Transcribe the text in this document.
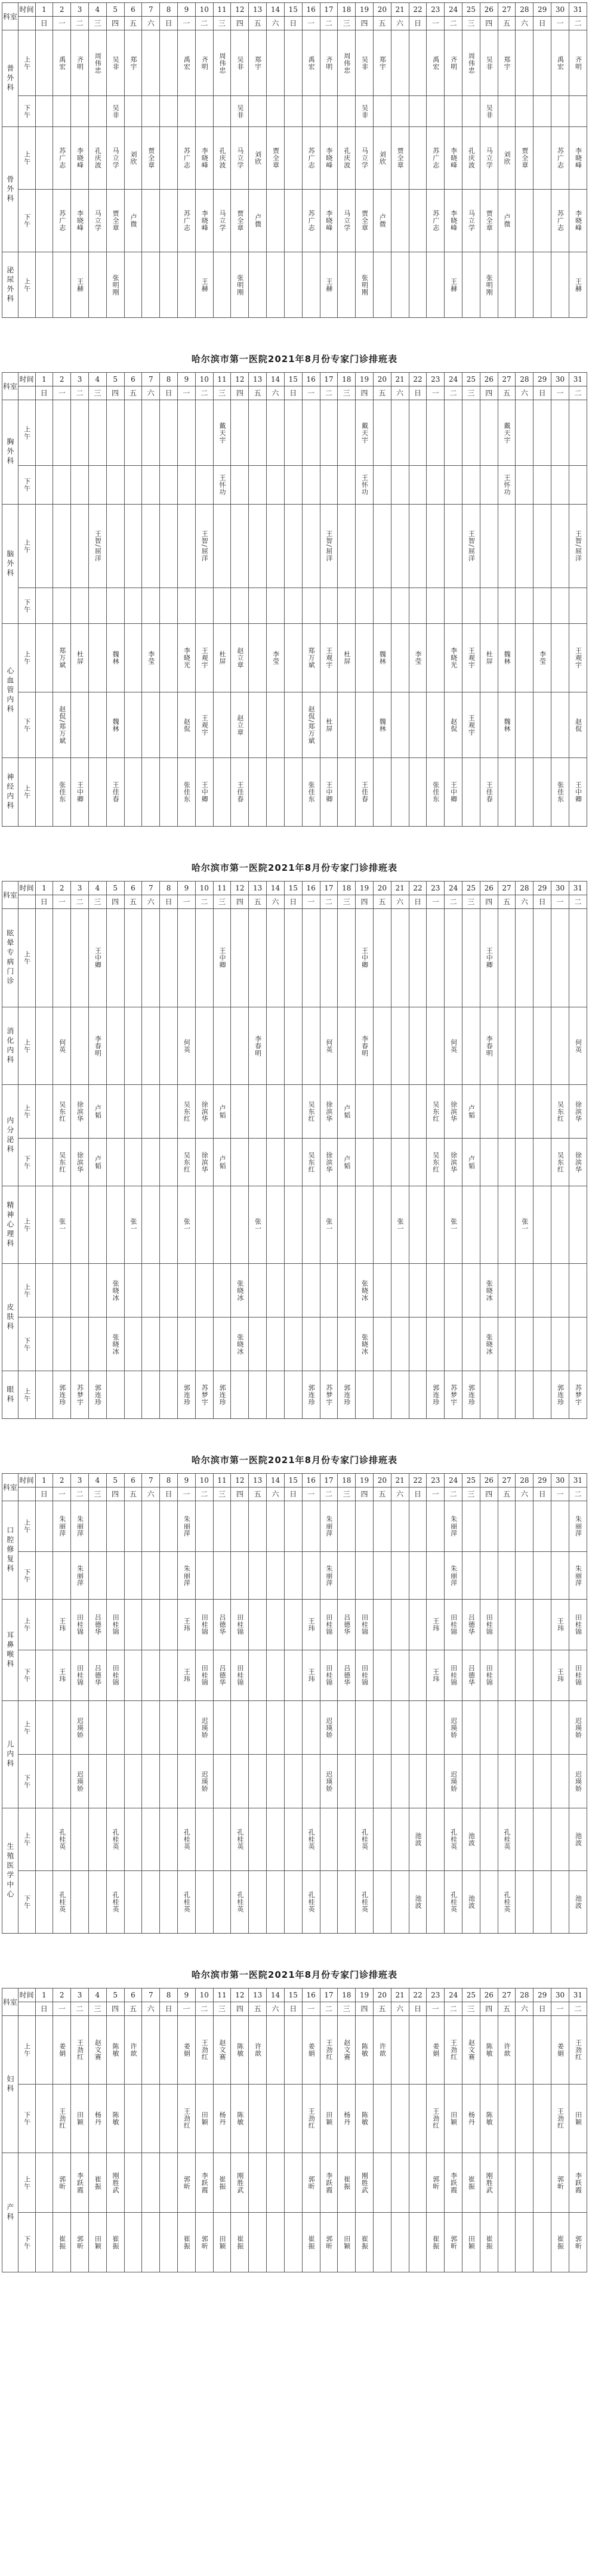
科室	时间	1	2	3	4	5	6	7	8	9	10	11	12	13	14	15	16	17	18	19	20	21	22	23	24	25	26	27	28	29	30	31
		日	一	二	三	四	五	六	日	一	二	三	四	五	六	日	一	二	三	四	五	六	日	一	二	三	四	五	六	日	一	二

普外科	上午		禹宏	齐明	周伟忠	吴非	郑宇			禹宏	齐明	周伟忠	吴非	郑宇			禹宏	齐明	周伟忠	吴非	郑宇			禹宏	齐明	周伟忠	吴非	郑宇			禹宏	齐明

	下午					吴非							吴非							吴非							吴非					

骨外科	上午		苏广志	李晓峰	孔庆波	马立学	刘欣	贾全章		苏广志	李晓峰	孔庆波	马立学	刘欣	贾全章		苏广志	李晓峰	孔庆波	马立学	刘欣	贾全章		苏广志	李晓峰	孔庆波	马立学	刘欣	贾全章		苏广志	李晓峰

	下午		苏广志	李晓峰	马立学	贾全章	卢微			苏广志	李晓峰	马立学	贾全章	卢微			苏广志	李晓峰	马立学	贾全章	卢微			苏广志	李晓峰	马立学	贾全章	卢微			苏广志	李晓峰

泌尿外科	上午			王赫		张明刚					王赫		张明刚					王赫		张明刚					王赫		张明刚					王赫
哈尔滨市第一医院2021年8月份专家门诊排班表
科室	时间	1	2	3	4	5	6	7	8	9	10	11	12	13	14	15	16	17	18	19	20	21	22	23	24	25	26	27	28	29	30	31
		日	一	二	三	四	五	六	日	一	二	三	四	五	六	日	一	二	三	四	五	六	日	一	二	三	四	五	六	日	一	二

胸外科	上午											戴天宇								戴天宇								戴天宇				

	下午											王怀功								王怀功								王怀功				

脑外科	上午				王智/屈洋						王智/屈洋							王智/屈洋								王智/屈洋						王智/屈洋

	下午																															

心血管内科	上午		郑万斌	杜屏		魏林		李莹		李晓光	王观宇	杜屏	赵立章		李莹		郑万斌	王观宇	杜屏		魏林		李莹		李晓光	王观宇	杜屏	魏林		李莹		王观宇

	下午		赵侃/郑万斌			魏林				赵侃	王观宇		赵立章				赵侃/郑万斌	杜屏			魏林				赵侃	王观宇		魏林				赵侃

神经内科	上午		张佳东	王中卿		王佳春				张佳东	王中卿		王佳春				张佳东	王中卿		王佳春				张佳东	王中卿		王佳春				张佳东	王中卿
哈尔滨市第一医院2021年8月份专家门诊排班表
科室	时间	1	2	3	4	5	6	7	8	9	10	11	12	13	14	15	16	17	18	19	20	21	22	23	24	25	26	27	28	29	30	31
		日	一	二	三	四	五	六	日	一	二	三	四	五	六	日	一	二	三	四	五	六	日	一	二	三	四	五	六	日	一	二

眩晕专病门诊	上午				王中卿							王中卿								王中卿							王中卿					

消化内科	上午		何英		李春明					何英				李春明				何英		李春明					何英		李春明					何英

内分泌科	上午		吴东红	徐滨华	卢韬					吴东红	徐滨华	卢韬					吴东红	徐滨华	卢韬					吴东红	徐滨华	卢韬					吴东红	徐滨华

	下午		吴东红	徐滨华	卢韬					吴东红	徐滨华	卢韬					吴东红	徐滨华	卢韬					吴东红	徐滨华	卢韬					吴东红	徐滨华

精神心理科	上午		张一				张一			张一				张一				张一				张一			张一				张一			

皮肤科	上午					张晓冰							张晓冰							张晓冰							张晓冰					

	下午					张晓冰							张晓冰							张晓冰							张晓冰					

眼科	上午		郭连珍	苏梦宇	郭连珍					郭连珍	苏梦宇	郭连珍					郭连珍	苏梦宇	郭连珍					郭连珍	苏梦宇	郭连珍					郭连珍	苏梦宇
哈尔滨市第一医院2021年8月份专家门诊排班表
科室	时间	1	2	3	4	5	6	7	8	9	10	11	12	13	14	15	16	17	18	19	20	21	22	23	24	25	26	27	28	29	30	31
		日	一	二	三	四	五	六	日	一	二	三	四	五	六	日	一	二	三	四	五	六	日	一	二	三	四	五	六	日	一	二

口腔修复科	上午		朱丽萍	朱丽萍						朱丽萍								朱丽萍							朱丽萍							朱丽萍

	下午			朱丽萍						朱丽萍								朱丽萍							朱丽萍							朱丽萍

耳鼻喉科	上午		王玮	田桂锦	吕德华	田桂锦				王玮	田桂锦	吕德华	田桂锦				王玮	田桂锦	吕德华	田桂锦				王玮	田桂锦	吕德华	田桂锦				王玮	田桂锦

	下午		王玮	田桂锦	吕德华	田桂锦				王玮	田桂锦	吕德华	田桂锦				王玮	田桂锦	吕德华	田桂锦				王玮	田桂锦	吕德华	田桂锦				王玮	田桂锦

儿内科	上午			迟瑛娇							迟瑛娇							迟瑛娇							迟瑛娇							迟瑛娇

	下午			迟瑛娇							迟瑛娇							迟瑛娇							迟瑛娇							迟瑛娇

生殖医学中心	上午		孔桂英			孔桂英				孔桂英			孔桂英				孔桂英			孔桂英			池波		孔桂英	池波		孔桂英				池波

	下午		孔桂英			孔桂英				孔桂英			孔桂英				孔桂英			孔桂英			池波		孔桂英	池波		孔桂英				池波
哈尔滨市第一医院2021年8月份专家门诊排班表
科室	时间	1	2	3	4	5	6	7	8	9	10	11	12	13	14	15	16	17	18	19	20	21	22	23	24	25	26	27	28	29	30	31
		日	一	二	三	四	五	六	日	一	二	三	四	五	六	日	一	二	三	四	五	六	日	一	二	三	四	五	六	日	一	二

妇科	上午		姜娟	王劲红	赵文赛	陈敏	许歆			姜娟	王劲红	赵文赛	陈敏	许歆			姜娟	王劲红	赵文赛	陈敏	许歆			姜娟	王劲红	赵文赛	陈敏	许歆			姜娟	王劲红

	下午		王劲红	田颖	杨丹	陈敏				王劲红	田颖	杨丹	陈敏				王劲红	田颖	杨丹	陈敏				王劲红	田颖	杨丹	陈敏				王劲红	田颖

产科	上午		郭昕	李跃霞	崔振	刚胜武				郭昕	李跃霞	崔振	刚胜武				郭昕	李跃霞	崔振	刚胜武				郭昕	李跃霞	崔振	刚胜武				郭昕	李跃霞

	下午		崔振	郭昕	田颖	崔振				崔振	郭昕	田颖	崔振				崔振	郭昕	田颖	崔振				崔振	郭昕	田颖	崔振				崔振	郭昕
